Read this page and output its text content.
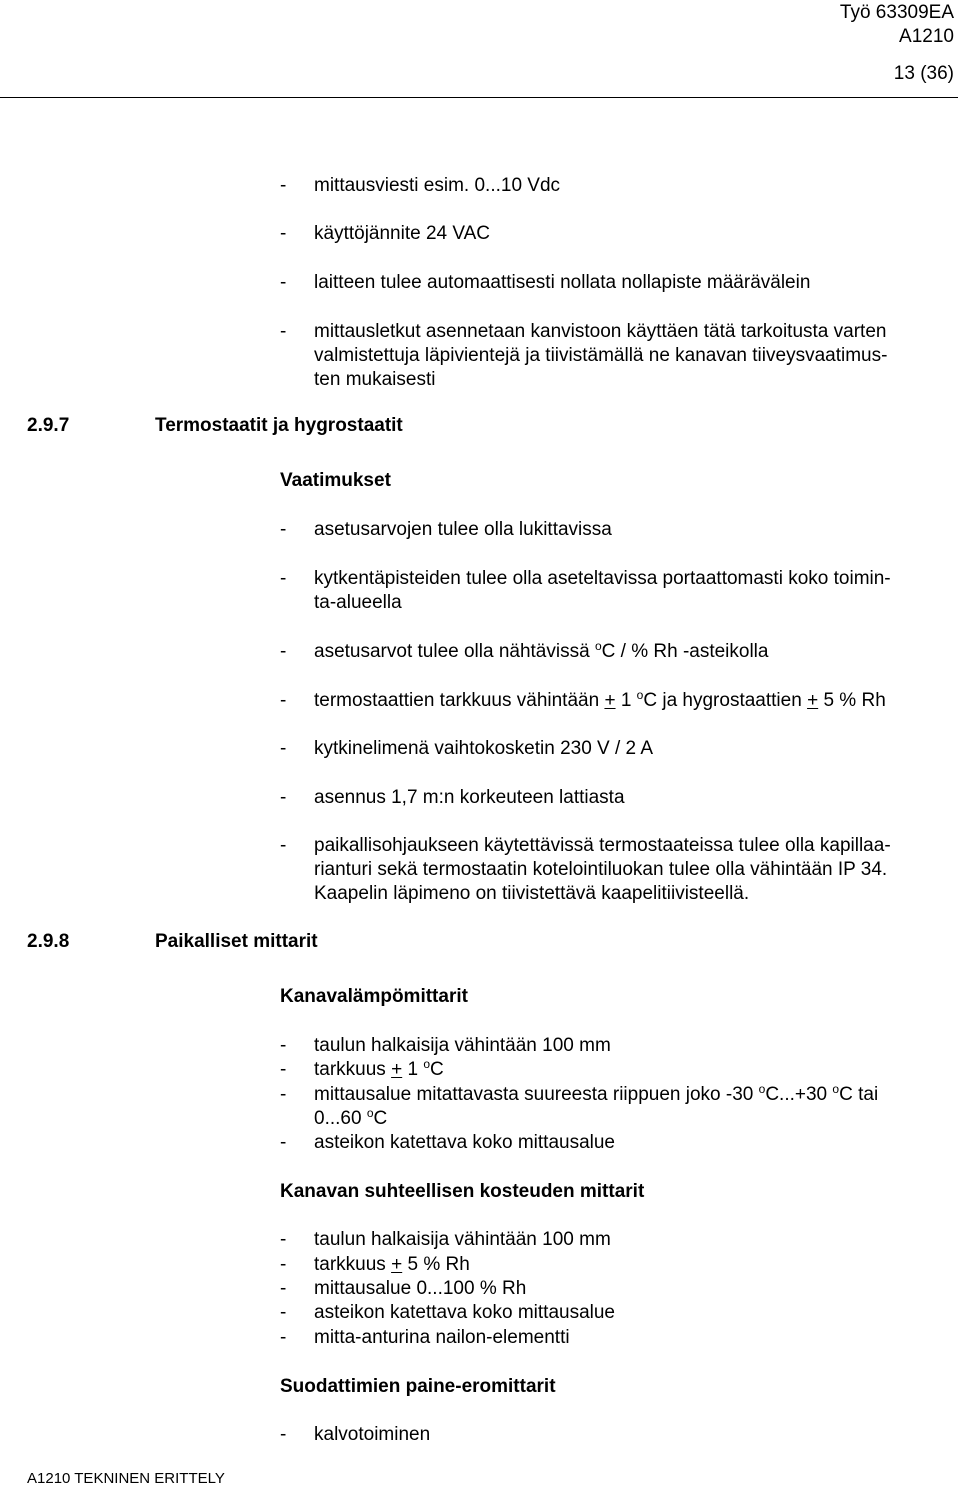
Työ 63309EA
A1210
13 (36)
- mittausviesti esim. 0...10 Vdc
- käyttöjännite 24 VAC
- laitteen tulee automaattisesti nollata nollapiste määrävälein
- mittausletkut asennetaan kanvistoon käyttäen tätä tarkoitusta varten
valmistettuja läpivientejä ja tiivistämällä ne kanavan tiiveysvaatimus-
ten mukaisesti
2.9.7	Termostaatit ja hygrostaatit
Vaatimukset
- asetusarvojen tulee olla lukittavissa
- kytkentäpisteiden tulee olla aseteltavissa portaattomasti koko toimin-
ta-alueella
- asetusarvot tulee olla nähtävissä $^o$C / % Rh -asteikolla
- termostaattien tarkkuus vähintään + 1 $^o$C ja hygrostaattien + 5 % Rh
- kytkinelimenä vaihtokosketin 230 V / 2 A
- asennus 1,7 m:n korkeuteen lattiasta
- paikallisohjaukseen käytettävissä termostaateissa tulee olla kapillaa-
rianturi sekä termostaatin kotelointiluokan tulee olla vähintään IP 34.
Kaapelin läpimeno on tiivistettävä kaapelitiivisteellä.
2.9.8	Paikalliset mittarit
Kanavalämpömittarit
- taulun halkaisija vähintään 100 mm
- tarkkuus + 1 $^o$C
- mittausalue mitattavasta suureesta riippuen joko -30 $^o$C...+30 $^o$C tai
0...60 $^o$C
- asteikon katettava koko mittausalue
Kanavan suhteellisen kosteuden mittarit
- taulun halkaisija vähintään 100 mm
- tarkkuus + 5 % Rh
- mittausalue 0...100 % Rh
- asteikon katettava koko mittausalue
- mitta-anturina nailon-elementti
Suodattimien paine-eromittarit
- kalvotoiminen
A1210 TEKNINEN ERITTELY
